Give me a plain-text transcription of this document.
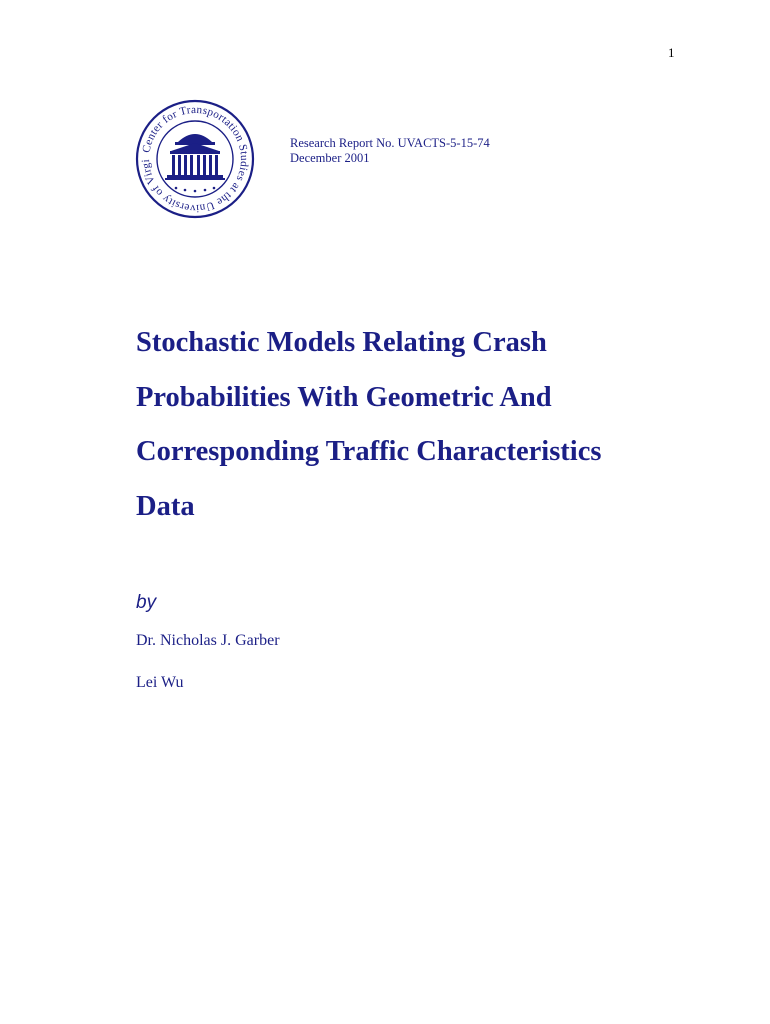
1
Center for Transportation Studies at the University of Virgi
Research Report No. UVACTS-5-15-74
December 2001
Stochastic Models Relating Crash
Probabilities With Geometric And
Corresponding Traffic Characteristics
Data
by
Dr. Nicholas J. Garber
Lei Wu
